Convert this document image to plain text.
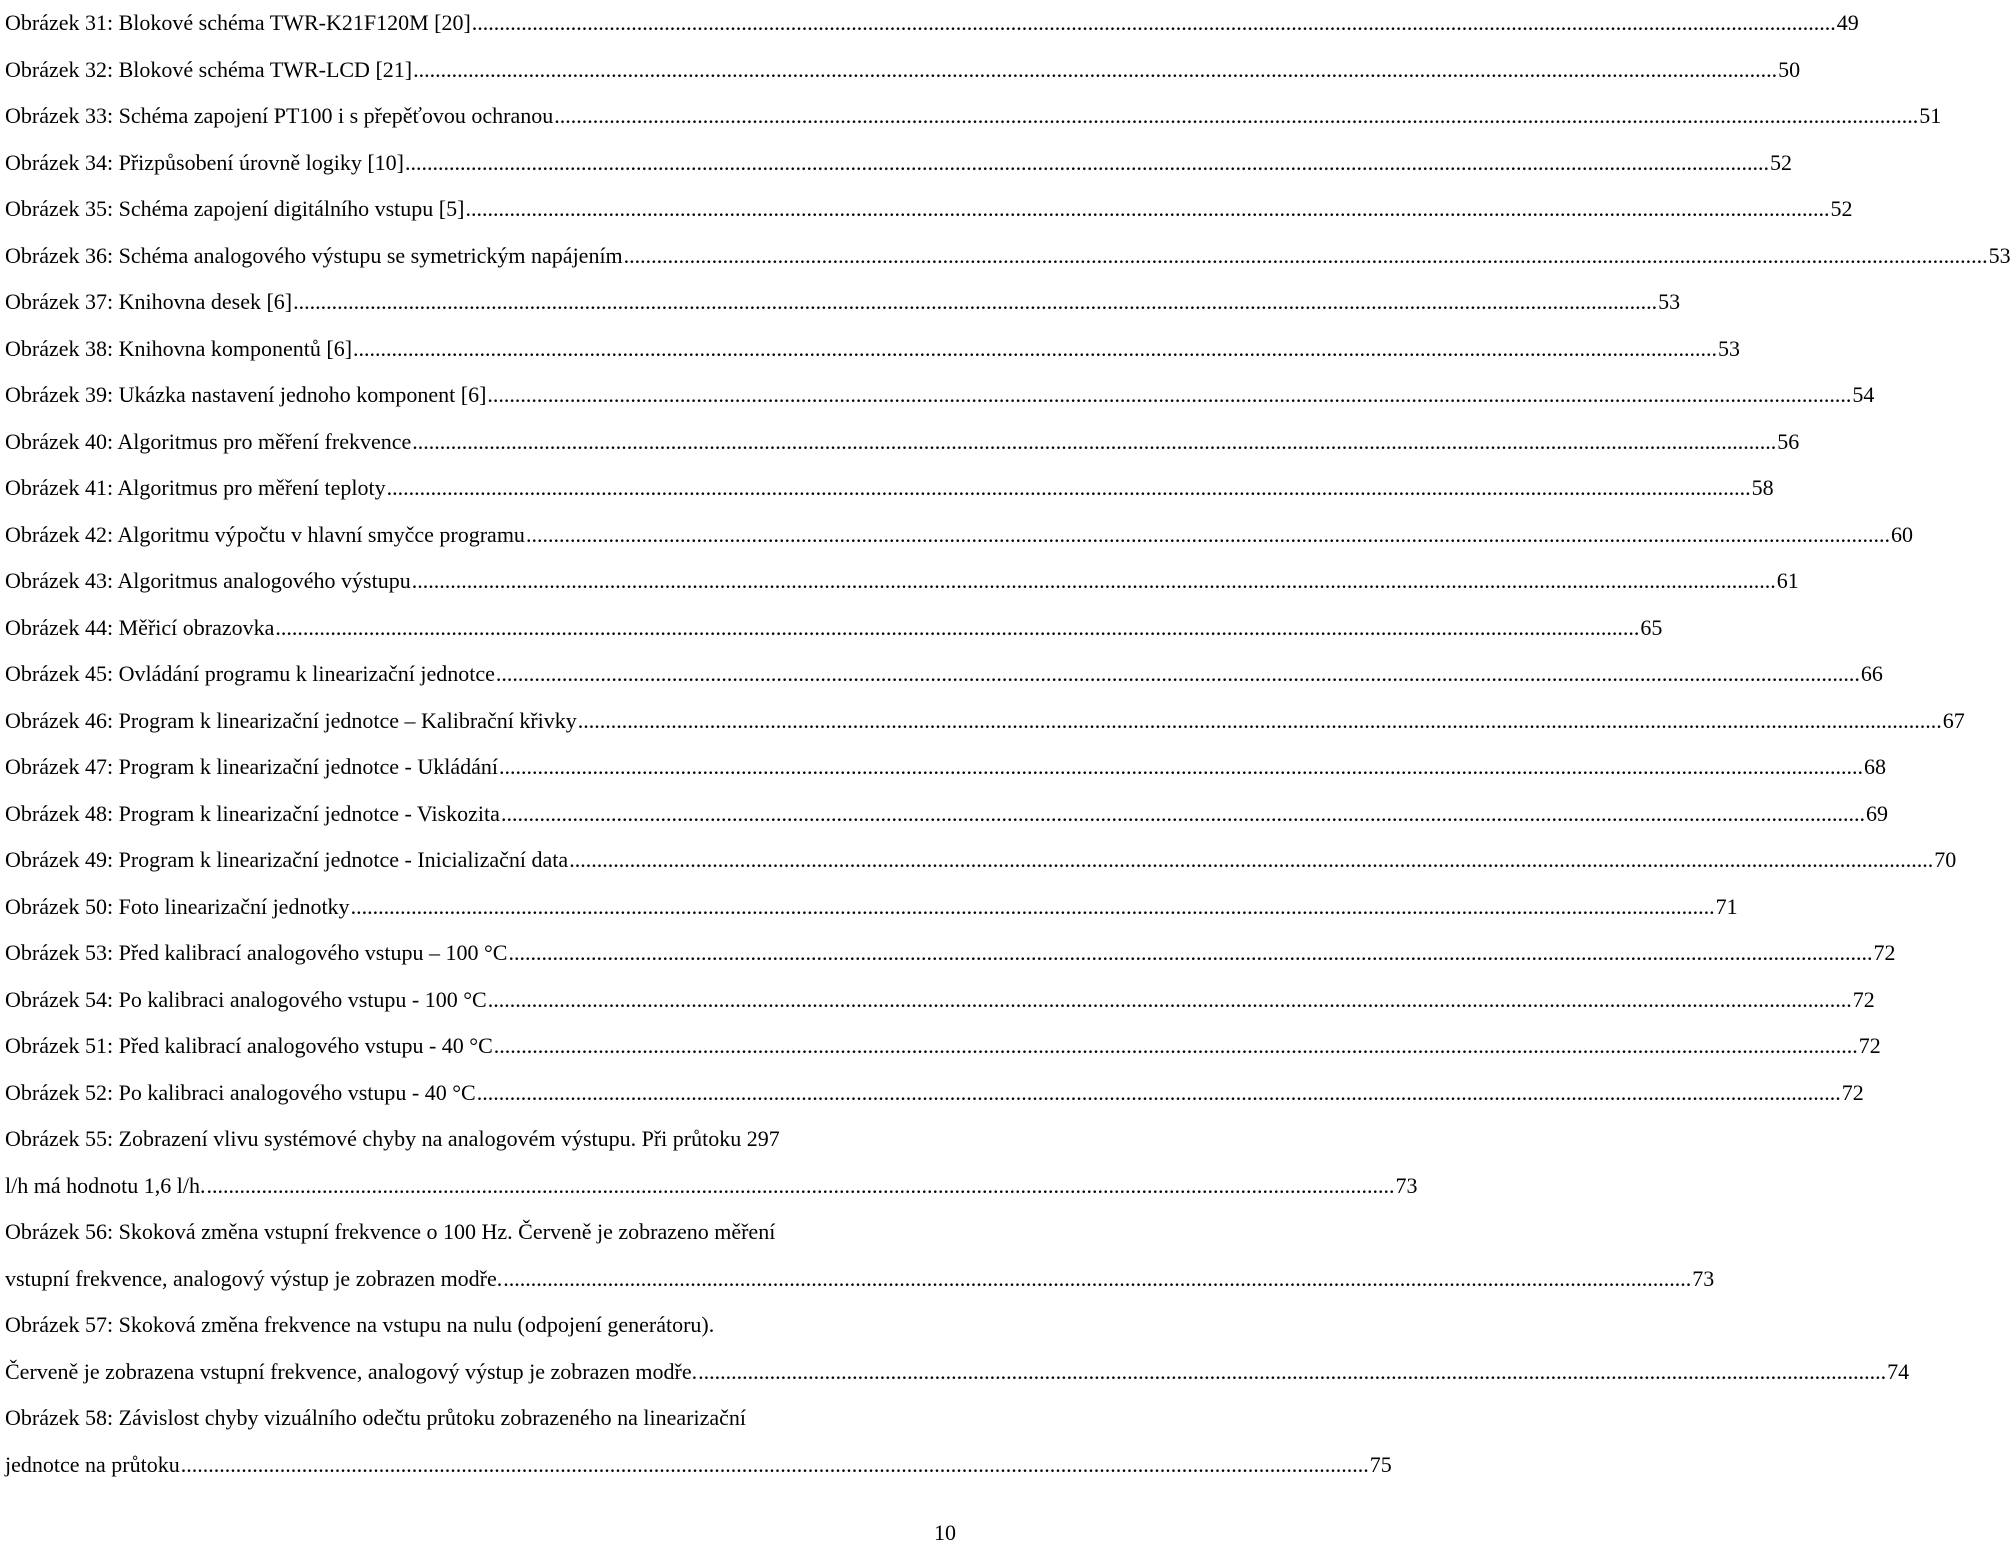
Obrázek 31: Blokové schéma TWR-K21F120M [20] .....	49
Obrázek 32: Blokové schéma TWR-LCD [21] .....	50
Obrázek 33: Schéma zapojení PT100 i s přepěťovou ochranou .....	51
Obrázek 34: Přizpůsobení úrovně logiky [10] .....	52
Obrázek 35: Schéma zapojení digitálního vstupu [5] .....	52
Obrázek 36: Schéma analogového výstupu se symetrickým napájením .....	53
Obrázek 37: Knihovna desek [6] .....	53
Obrázek 38: Knihovna komponentů [6] .....	53
Obrázek 39: Ukázka nastavení jednoho komponent [6] .....	54
Obrázek 40: Algoritmus pro měření frekvence .....	56
Obrázek 41: Algoritmus pro měření teploty .....	58
Obrázek 42: Algoritmu výpočtu v hlavní smyčce programu .....	60
Obrázek 43: Algoritmus analogového výstupu .....	61
Obrázek 44: Měřicí obrazovka .....	65
Obrázek 45: Ovládání programu k linearizační jednotce .....	66
Obrázek 46: Program k linearizační jednotce – Kalibrační křivky .....	67
Obrázek 47: Program k linearizační jednotce - Ukládání .....	68
Obrázek 48: Program k linearizační jednotce - Viskozita .....	69
Obrázek 49: Program k linearizační jednotce - Inicializační data .....	70
Obrázek 50: Foto linearizační jednotky .....	71
Obrázek 53: Před kalibrací analogového vstupu – 100 °C .....	72
Obrázek 54: Po kalibraci analogového vstupu - 100 °C .....	72
Obrázek 51: Před kalibrací analogového vstupu - 40 °C .....	72
Obrázek 52: Po kalibraci analogového vstupu - 40 °C .....	72
Obrázek 55: Zobrazení vlivu systémové chyby na analogovém výstupu. Při průtoku 297
l/h má hodnotu 1,6 l/h. ........................................................................................................................................................................................................................ 73
Obrázek 56: Skoková změna vstupní frekvence o 100 Hz. Červeně je zobrazeno měření
vstupní frekvence, analogový výstup je zobrazen modře. ........................................................................................................................................................................................................................ 73
Obrázek 57: Skoková změna frekvence na vstupu na nulu (odpojení generátoru).
Červeně je zobrazena vstupní frekvence, analogový výstup je zobrazen modře. ........................................................................................................................................................................................................................ 74
Obrázek 58: Závislost chyby vizuálního odečtu průtoku zobrazeného na linearizační
jednotce na průtoku ........................................................................................................................................................................................................................ 75
10
